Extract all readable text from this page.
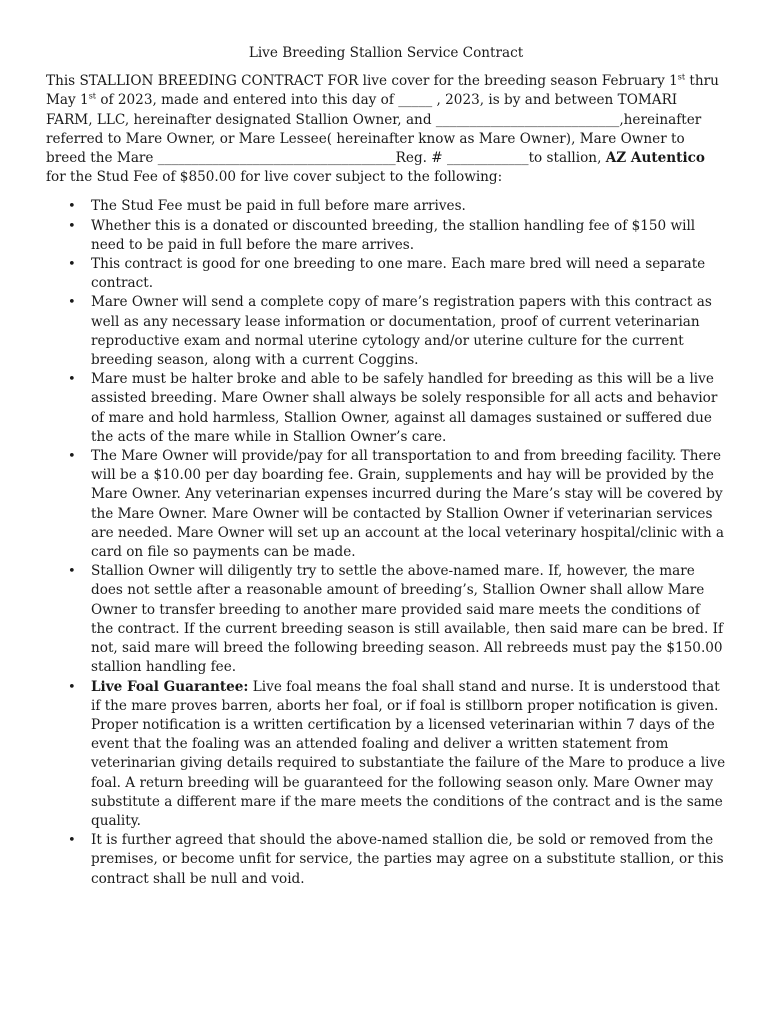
Live Breeding Stallion Service Contract

This STALLION BREEDING CONTRACT FOR live cover for the breeding season February 1st thru May 1st of 2023, made and entered into this day of _____ , 2023, is by and between TOMARI FARM, LLC, hereinafter designated Stallion Owner, and ___________________________,hereinafter referred to Mare Owner, or Mare Lessee( hereinafter know as Mare Owner), Mare Owner to breed the Mare ___________________________________Reg. # ____________to stallion, AZ Autentico for the Stud Fee of $850.00 for live cover subject to the following:

• The Stud Fee must be paid in full before mare arrives.
• Whether this is a donated or discounted breeding, the stallion handling fee of $150 will need to be paid in full before the mare arrives.
• This contract is good for one breeding to one mare. Each mare bred will need a separate contract.
• Mare Owner will send a complete copy of mare’s registration papers with this contract as well as any necessary lease information or documentation, proof of current veterinarian reproductive exam and normal uterine cytology and/or uterine culture for the current breeding season, along with a current Coggins.
• Mare must be halter broke and able to be safely handled for breeding as this will be a live assisted breeding. Mare Owner shall always be solely responsible for all acts and behavior of mare and hold harmless, Stallion Owner, against all damages sustained or suffered due the acts of the mare while in Stallion Owner’s care.
• The Mare Owner will provide/pay for all transportation to and from breeding facility. There will be a $10.00 per day boarding fee. Grain, supplements and hay will be provided by the Mare Owner. Any veterinarian expenses incurred during the Mare’s stay will be covered by the Mare Owner. Mare Owner will be contacted by Stallion Owner if veterinarian services are needed. Mare Owner will set up an account at the local veterinary hospital/clinic with a card on file so payments can be made.
• Stallion Owner will diligently try to settle the above-named mare. If, however, the mare does not settle after a reasonable amount of breeding’s, Stallion Owner shall allow Mare Owner to transfer breeding to another mare provided said mare meets the conditions of the contract. If the current breeding season is still available, then said mare can be bred. If not, said mare will breed the following breeding season. All rebreeds must pay the $150.00 stallion handling fee.
• Live Foal Guarantee: Live foal means the foal shall stand and nurse. It is understood that if the mare proves barren, aborts her foal, or if foal is stillborn proper notification is given. Proper notification is a written certification by a licensed veterinarian within 7 days of the event that the foaling was an attended foaling and deliver a written statement from veterinarian giving details required to substantiate the failure of the Mare to produce a live foal. A return breeding will be guaranteed for the following season only. Mare Owner may substitute a different mare if the mare meets the conditions of the contract and is the same quality.
• It is further agreed that should the above-named stallion die, be sold or removed from the premises, or become unfit for service, the parties may agree on a substitute stallion, or this contract shall be null and void.
